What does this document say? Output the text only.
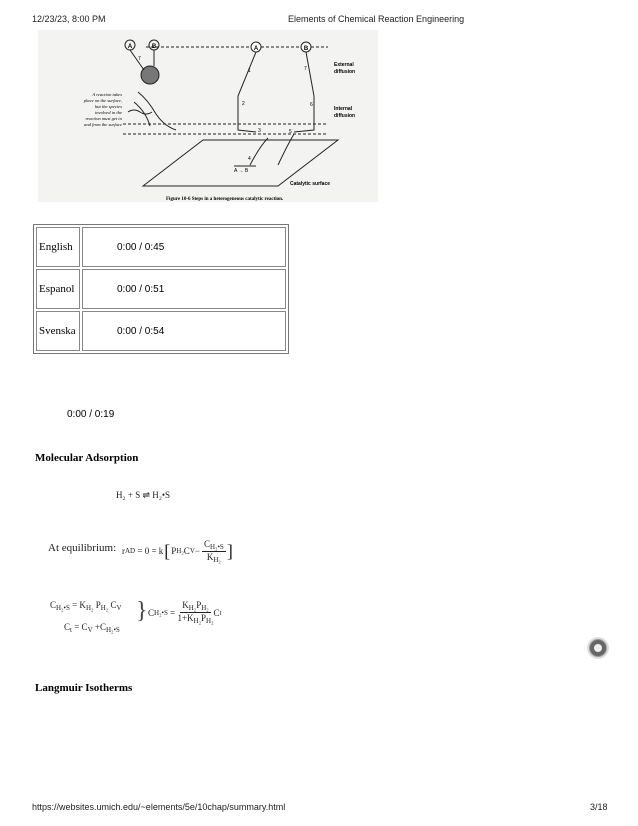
12/23/23, 8:00 PM	Elements of Chemical Reaction Engineering
A	B	A	B
A → B
7
1
2
3
4
5
6
7
External
diffusion
Internal
diffusion
Catalytic surface
A reaction takes
place on the surface,
but the species
involved in the
reaction must get to
and from the surface
Figure 10-6 Steps in a heterogeneous catalytic reaction.
English	0:00 / 0:45
Espanol	0:00 / 0:51
Svenska	0:00 / 0:54
0:00 / 0:19
Molecular Adsorption
H₂ + S ⇌ H₂•S
At equilibrium: r AD
= 0 = k [ P H₂ C V −
$C_{H_2•S}$
$K_{H_2}$ ]
$C_{H_2•S} = K_{H_2}$ $P_{H_2}$ $C_V$
$C_t = C_V +C_{H_2•S}$
} C H₂•S
=
$\frac{K_{H_2}P_{H_2}}{1+K_{H_2}P_{H_2}}$ C t
Langmuir Isotherms
https://websites.umich.edu/~elements/5e/10chap/summary.html	3/18
